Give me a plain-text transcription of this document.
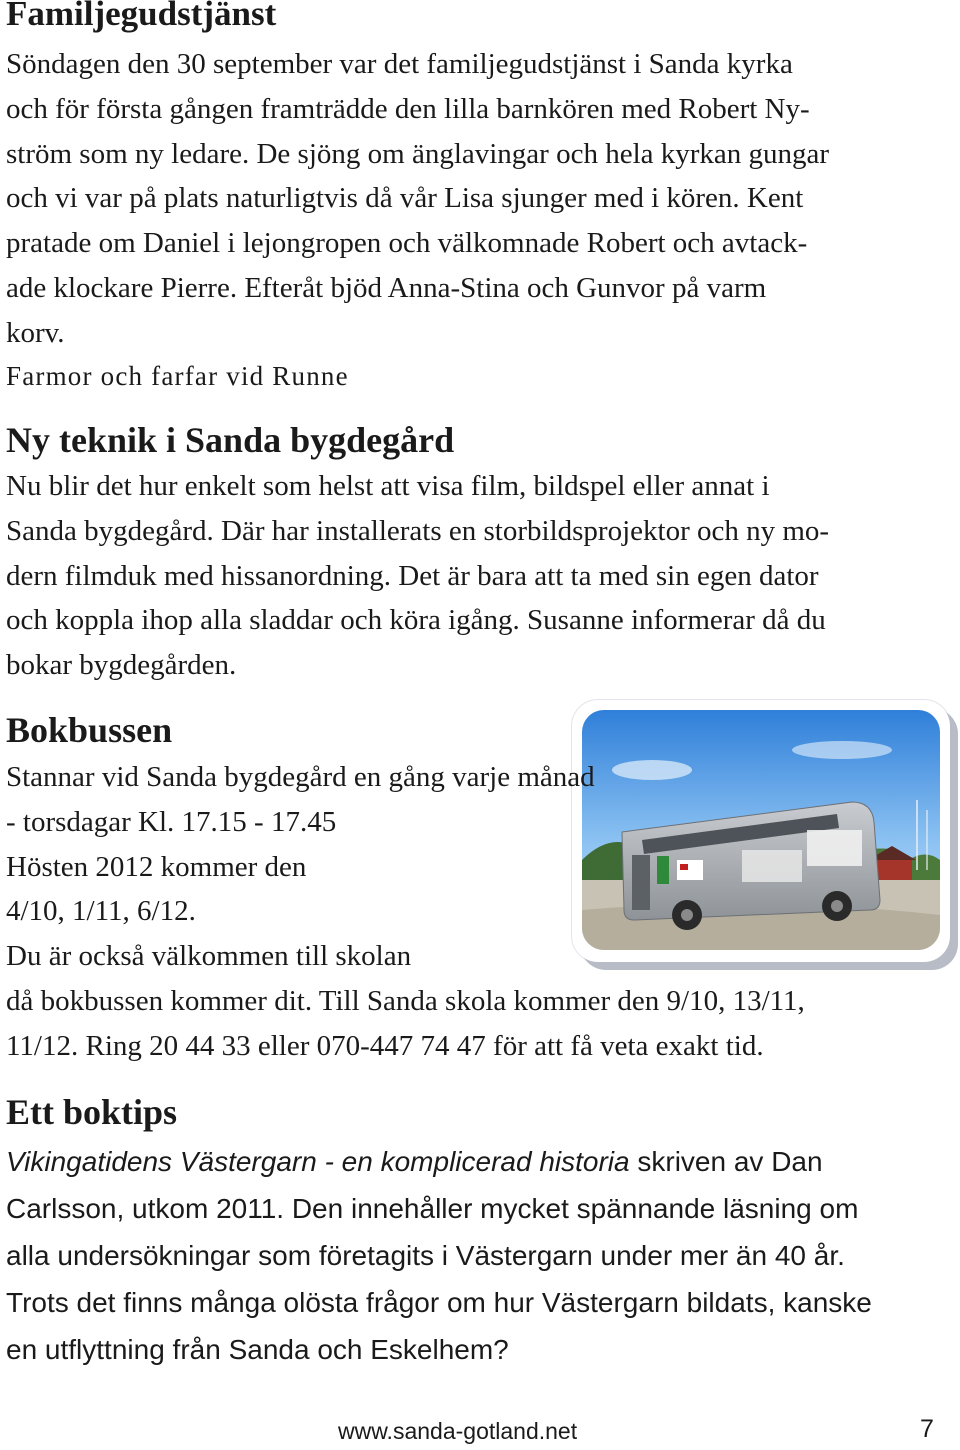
Familjegudstjänst
Söndagen den 30 september var det familjegudstjänst i Sanda kyrka
och för första gången framträdde den lilla barnkören med Robert Ny-
ström som ny ledare. De sjöng om änglavingar och hela kyrkan gungar
och vi var på plats naturligtvis då vår Lisa sjunger med i kören. Kent
pratade om Daniel i lejongropen och välkomnade Robert och avtack-
ade klockare Pierre. Efteråt bjöd Anna-Stina och Gunvor på varm
korv.

Farmor och farfar vid Runne

Ny teknik i Sanda bygdegård
Nu blir det hur enkelt som helst att visa film, bildspel eller annat i
Sanda bygdegård. Där har installerats en storbildsprojektor och ny mo-
dern filmduk med hissanordning. Det är bara att ta med sin egen dator
och koppla ihop alla sladdar och köra igång. Susanne informerar då du
bokar bygdegården.
Bokbussen
Stannar vid Sanda bygdegård en gång varje månad
- torsdagar Kl. 17.15 - 17.45
Hösten 2012 kommer den
4/10, 1/11, 6/12.
Du är också välkommen till skolan
då bokbussen kommer dit. Till Sanda skola kommer den 9/10, 13/11,
11/12. Ring 20 44 33 eller 070-447 74 47 för att få veta exakt tid.
Ett boktips
Vikingatidens Västergarn - en komplicerad historia skriven av Dan
Carlsson, utkom 2011. Den innehåller mycket spännande läsning om
alla undersökningar som företagits i Västergarn under mer än 40 år.
Trots det finns många olösta frågor om hur Västergarn bildats, kanske
en utflyttning från Sanda och Eskelhem?
www.sanda-gotland.net	7
